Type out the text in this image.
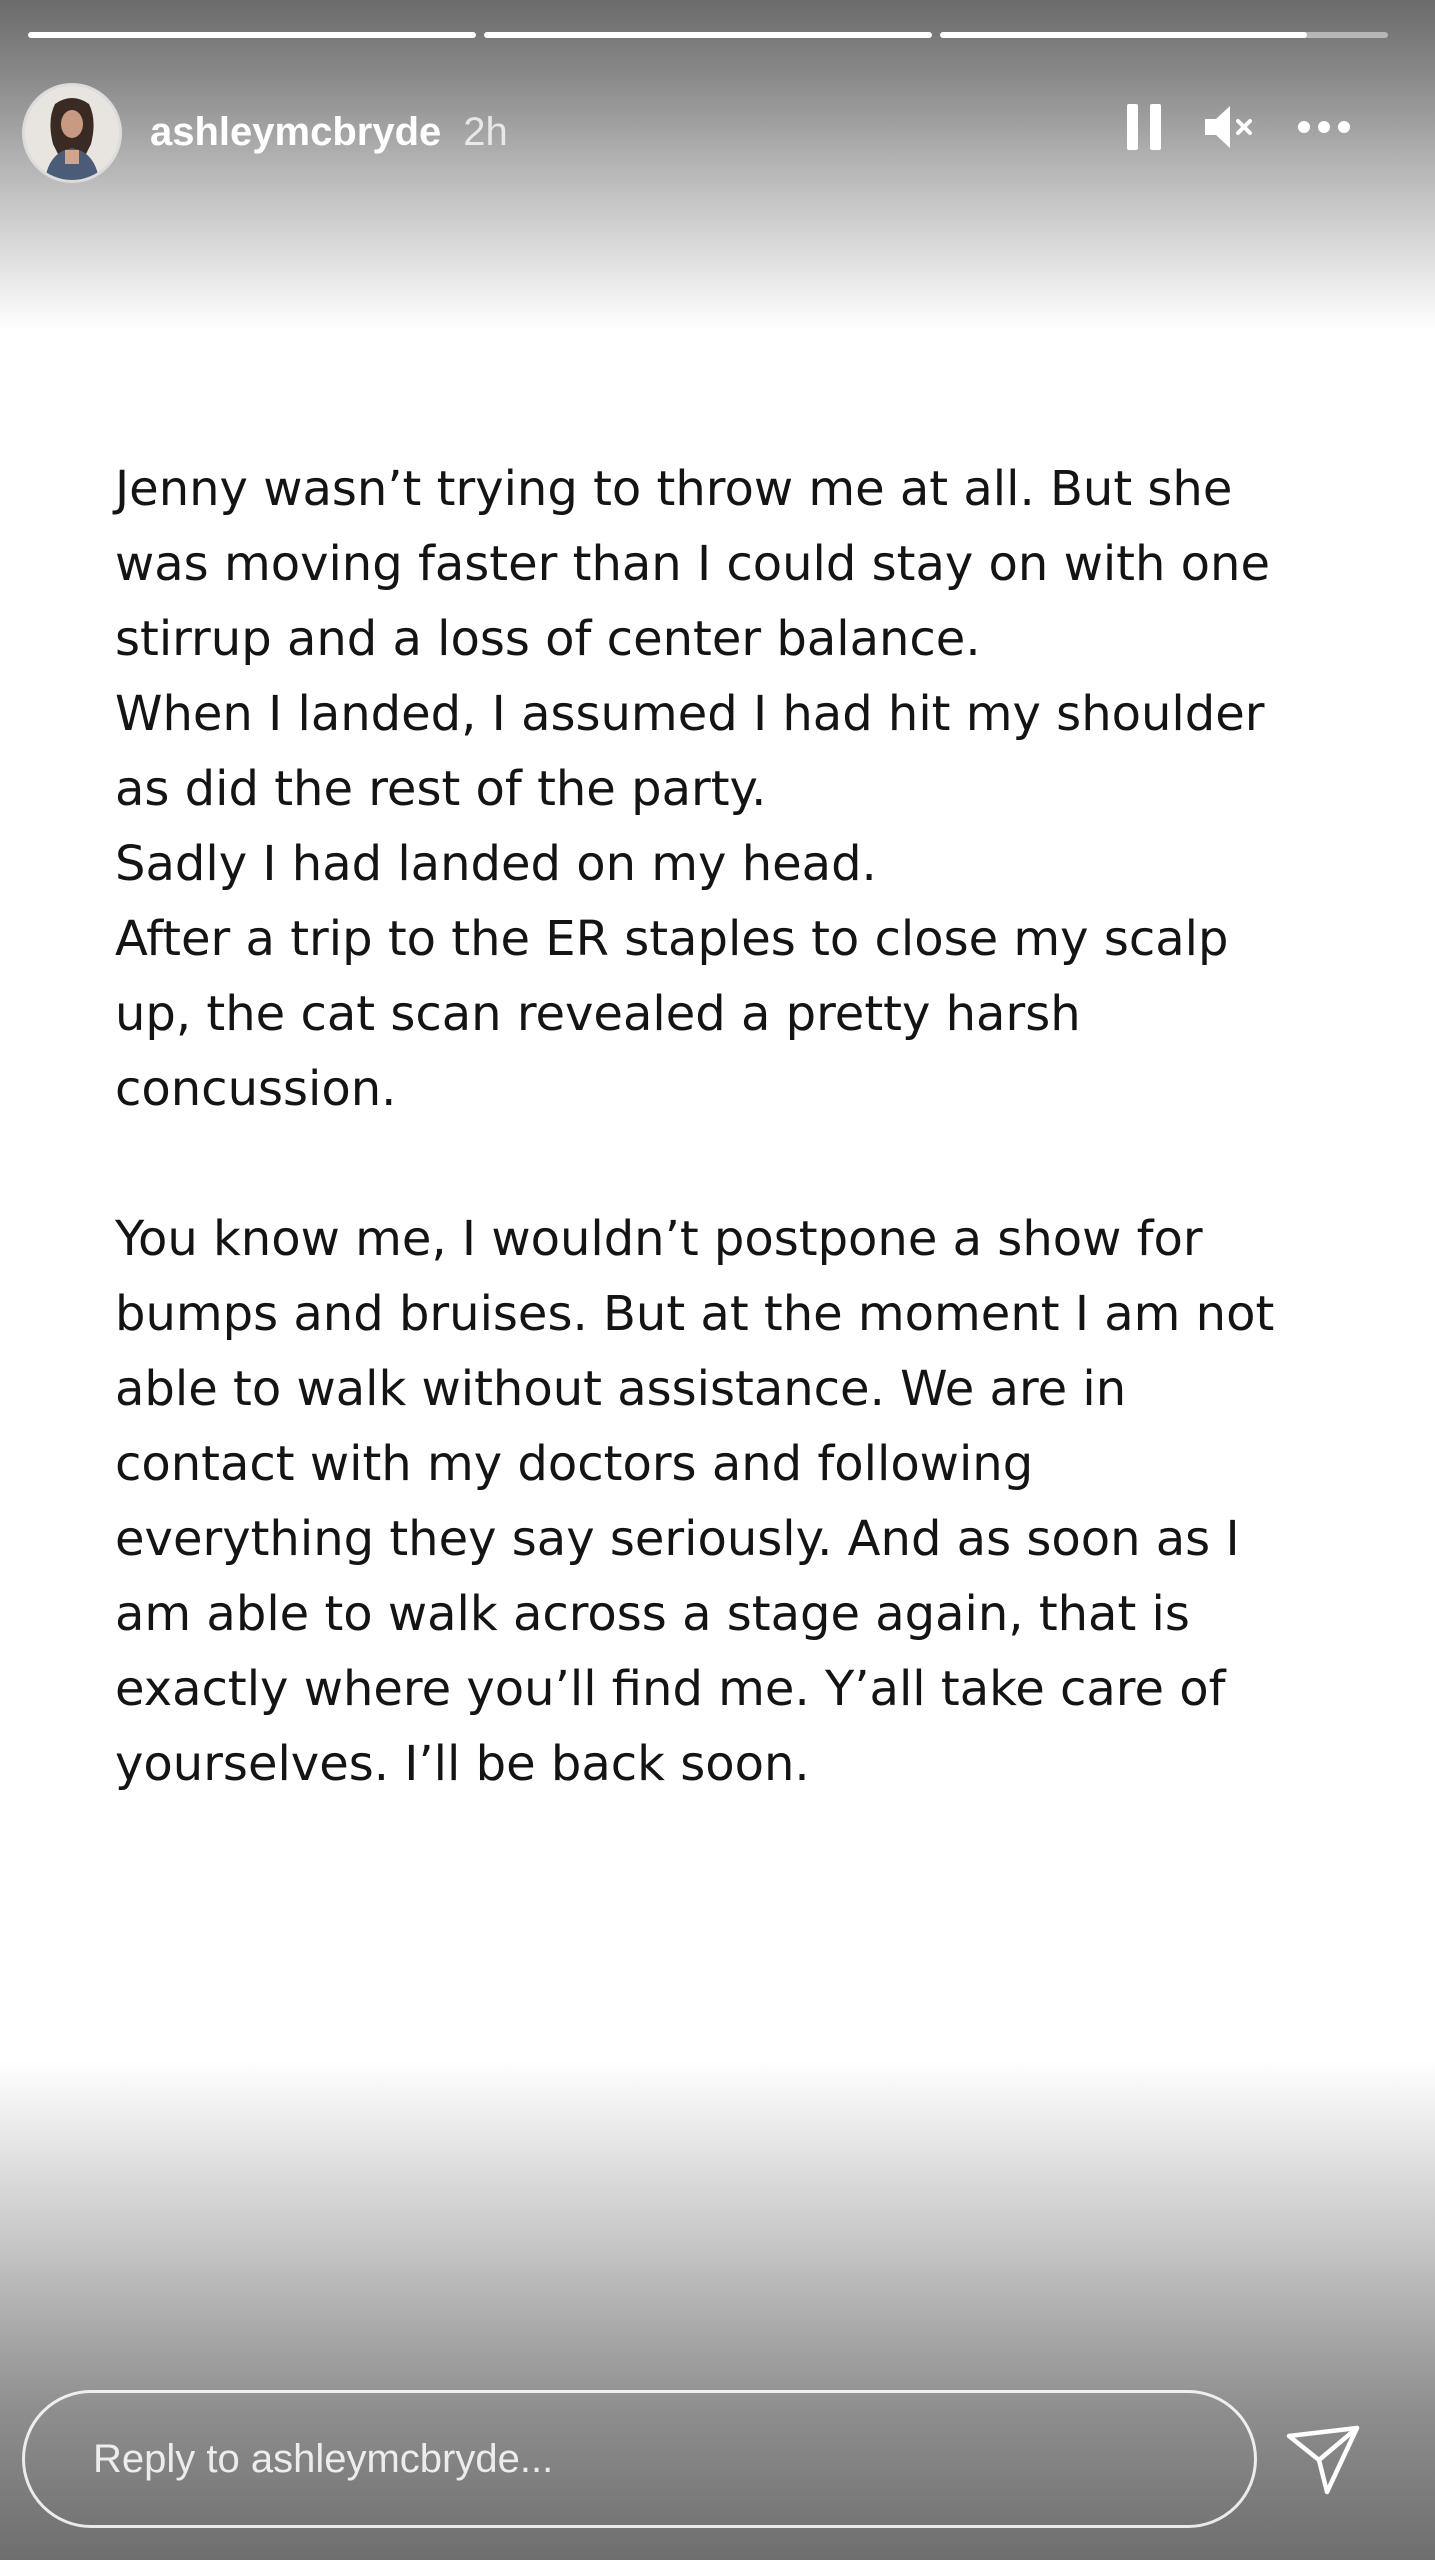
ashleymcbryde 2h

Jenny wasn’t trying to throw me at all. But she

was moving faster than I could stay on with one

stirrup and a loss of center balance.

When I landed, I assumed I had hit my shoulder

as did the rest of the party.

Sadly I had landed on my head.

After a trip to the ER staples to close my scalp

up, the cat scan revealed a pretty harsh

concussion.

You know me, I wouldn’t postpone a show for

bumps and bruises. But at the moment I am not

able to walk without assistance. We are in

contact with my doctors and following

everything they say seriously. And as soon as I

am able to walk across a stage again, that is

exactly where you’ll find me. Y’all take care of

yourselves. I’ll be back soon.

Reply to ashleymcbryde...
